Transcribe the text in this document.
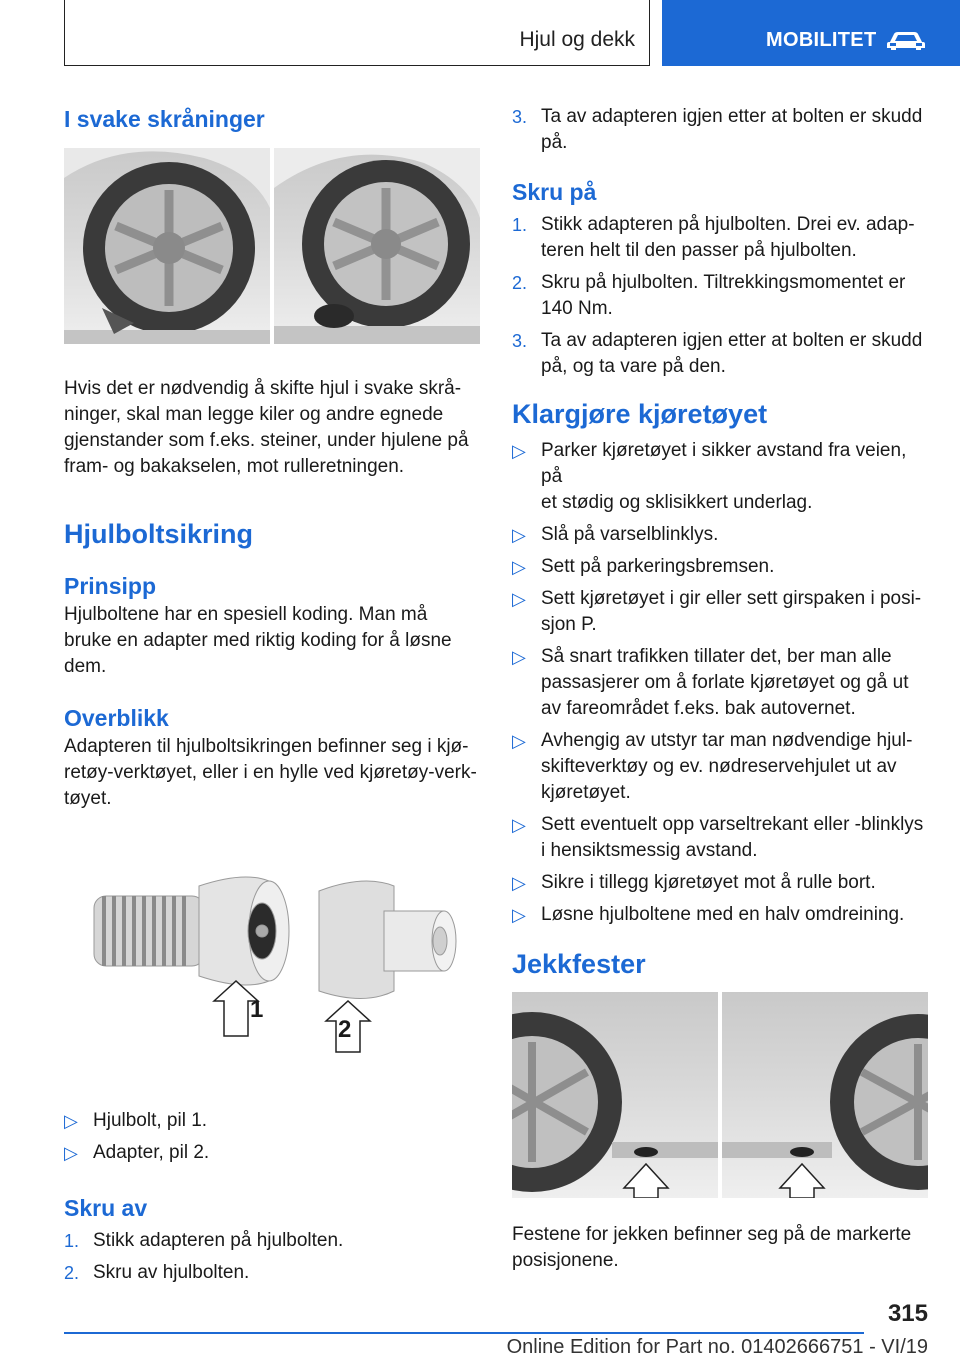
Hjul og dekk	MOBILITET
I svake skråninger
Hvis det er nødvendig å skifte hjul i svake skrå-
ninger, skal man legge kiler og andre egnede
gjenstander som f.eks. steiner, under hjulene på
fram- og bakakselen, mot rulleretningen.
Hjulboltsikring
Prinsipp
Hjulboltene har en spesiell koding. Man må
bruke en adapter med riktig koding for å løsne
dem.
Overblikk
Adapteren til hjulboltsikringen befinner seg i kjø-
retøy-verktøyet, eller i en hylle ved kjøretøy-verk-
tøyet.
1
2
▷ Hjulbolt, pil 1.
▷ Adapter, pil 2.
Skru av
1. Stikk adapteren på hjulbolten.
2. Skru av hjulbolten.
3. Ta av adapteren igjen etter at bolten er skudd
på.
Skru på
1. Stikk adapteren på hjulbolten. Drei ev. adap-
teren helt til den passer på hjulbolten.
2. Skru på hjulbolten. Tiltrekkingsmomentet er
140 Nm.
3. Ta av adapteren igjen etter at bolten er skudd
på, og ta vare på den.
Klargjøre kjøretøyet
▷ Parker kjøretøyet i sikker avstand fra veien, på
et stødig og sklisikkert underlag.
▷ Slå på varselblinklys.
▷ Sett på parkeringsbremsen.
▷ Sett kjøretøyet i gir eller sett girspaken i posi-
sjon P.
▷ Så snart trafikken tillater det, ber man alle
passasjerer om å forlate kjøretøyet og gå ut
av fareområdet f.eks. bak autovernet.
▷ Avhengig av utstyr tar man nødvendige hjul-
skifteverktøy og ev. nødreservehjulet ut av
kjøretøyet.
▷ Sett eventuelt opp varseltrekant eller -blinklys
i hensiktsmessig avstand.
▷ Sikre i tillegg kjøretøyet mot å rulle bort.
▷ Løsne hjulboltene med en halv omdreining.
Jekkfester
Festene for jekken befinner seg på de markerte
posisjonene.
315
Online Edition for Part no. 01402666751 - VI/19
